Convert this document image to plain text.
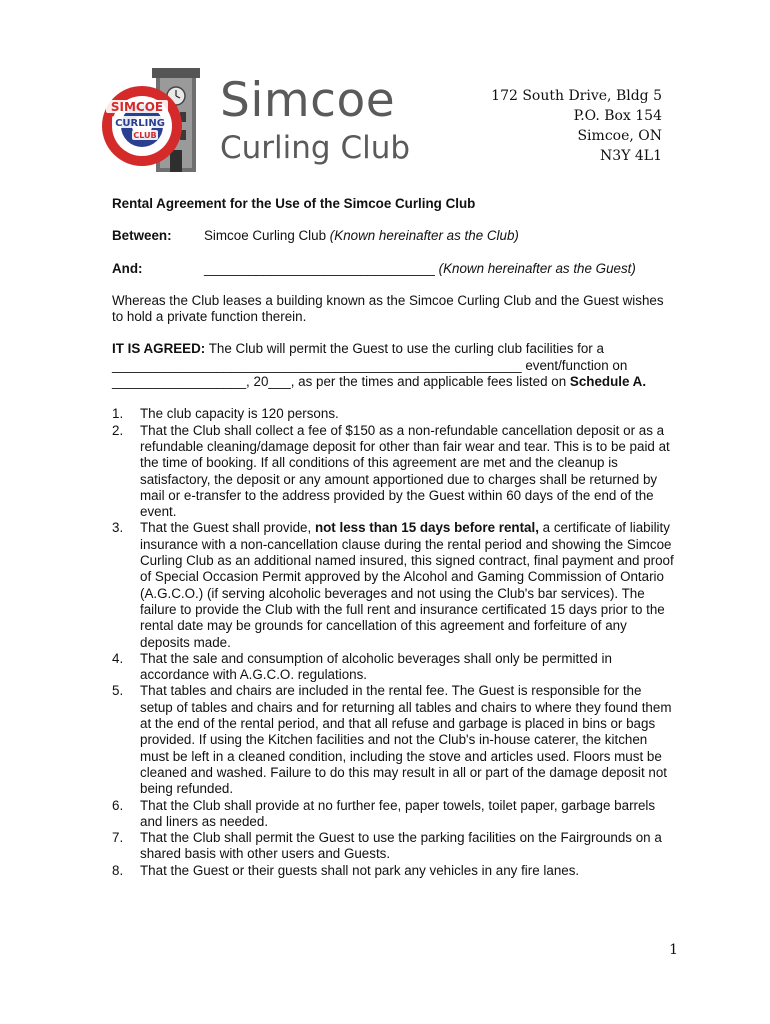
SIMCOE
CURLING
CLUB
Simcoe
Curling Club
172 South Drive, Bldg 5
P.O. Box 154
Simcoe, ON
N3Y 4L1
Rental Agreement for the Use of the Simcoe Curling Club
Between:	Simcoe Curling Club (Known hereinafter as the Club)
And:	_______________________________ (Known hereinafter as the Guest)

Whereas the Club leases a building known as the Simcoe Curling Club and the Guest wishes to hold a private function therein.

IT IS AGREED: The Club will permit the Guest to use the curling club facilities for a _______________________________________________________ event/function on __________________, 20___, as per the times and applicable fees listed on Schedule A.

1.	The club capacity is 120 persons.
2.	That the Club shall collect a fee of $150 as a non-refundable cancellation deposit or as a refundable cleaning/damage deposit for other than fair wear and tear. This is to be paid at the time of booking. If all conditions of this agreement are met and the cleanup is satisfactory, the deposit or any amount apportioned due to charges shall be returned by mail or e-transfer to the address provided by the Guest within 60 days of the end of the event.
3.	That the Guest shall provide, not less than 15 days before rental, a certificate of liability insurance with a non-cancellation clause during the rental period and showing the Simcoe Curling Club as an additional named insured, this signed contract, final payment and proof of Special Occasion Permit approved by the Alcohol and Gaming Commission of Ontario (A.G.C.O.) (if serving alcoholic beverages and not using the Club's bar services). The failure to provide the Club with the full rent and insurance certificated 15 days prior to the rental date may be grounds for cancellation of this agreement and forfeiture of any deposits made.
4.	That the sale and consumption of alcoholic beverages shall only be permitted in accordance with A.G.C.O. regulations.
5.	That tables and chairs are included in the rental fee. The Guest is responsible for the setup of tables and chairs and for returning all tables and chairs to where they found them at the end of the rental period, and that all refuse and garbage is placed in bins or bags provided. If using the Kitchen facilities and not the Club's in-house caterer, the kitchen must be left in a cleaned condition, including the stove and articles used. Floors must be cleaned and washed. Failure to do this may result in all or part of the damage deposit not being refunded.
6.	That the Club shall provide at no further fee, paper towels, toilet paper, garbage barrels and liners as needed.
7.	That the Club shall permit the Guest to use the parking facilities on the Fairgrounds on a shared basis with other users and Guests.
8.	That the Guest or their guests shall not park any vehicles in any fire lanes.
1
